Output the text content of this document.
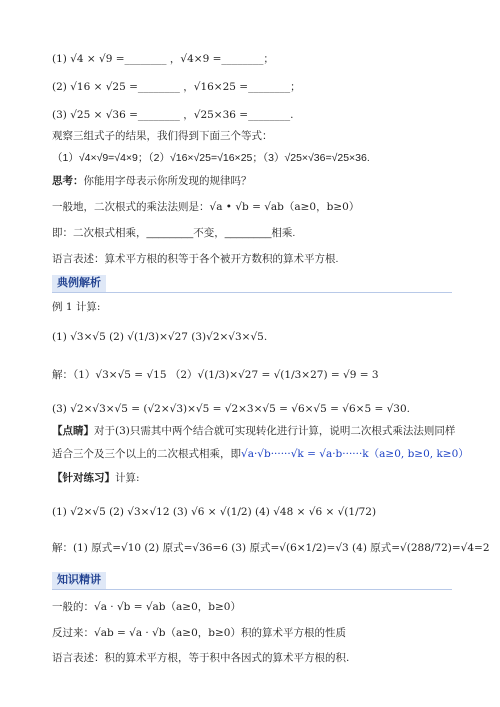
(1) √4 × √9 =________ ，√4×9 =________；
(2) √16 × √25 =________ ，√16×25 =________；
(3) √25 × √36 =________ ，√25×36 =________.
观察三组式子的结果，我们得到下面三个等式：
（1）√4×√9=√4×9；（2）√16×√25=√16×25；（3）√25×√36=√25×36.
思考：你能用字母表示你所发现的规律吗？
一般地，二次根式的乘法法则是：√a • √b = √ab（a≥0，b≥0）
即：二次根式相乘，________不变，________相乘.
语言表述：算术平方根的积等于各个被开方数积的算术平方根.
典例解析
例 1 计算:
(1) √3×√5 (2) √(1/3)×√27 (3)√2×√3×√5.
解：（1）√3×√5 = √15 （2）√(1/3)×√27 = √(1/3×27) = √9 = 3
(3) √2×√3×√5 = (√2×√3)×√5 = √2×3×√5 = √6×√5 = √6×5 = √30.
【点睛】对于(3)只需其中两个结合就可实现转化进行计算，说明二次根式乘法法则同样
适合三个及三个以上的二次根式相乘，即√a·√b······√k = √a·b······k（a≥0, b≥0, k≥0）
【针对练习】计算:
(1) √2×√5 (2) √3×√12 (3) √6 × √(1/2) (4) √48 × √6 × √(1/72)
解：(1) 原式=√10 (2) 原式=√36=6 (3) 原式=√(6×1/2)=√3 (4) 原式=√(288/72)=√4=2
知识精讲
一般的：√a · √b = √ab（a≥0，b≥0）
反过来：√ab = √a · √b（a≥0，b≥0）积的算术平方根的性质
语言表述：积的算术平方根，等于积中各因式的算术平方根的积.
